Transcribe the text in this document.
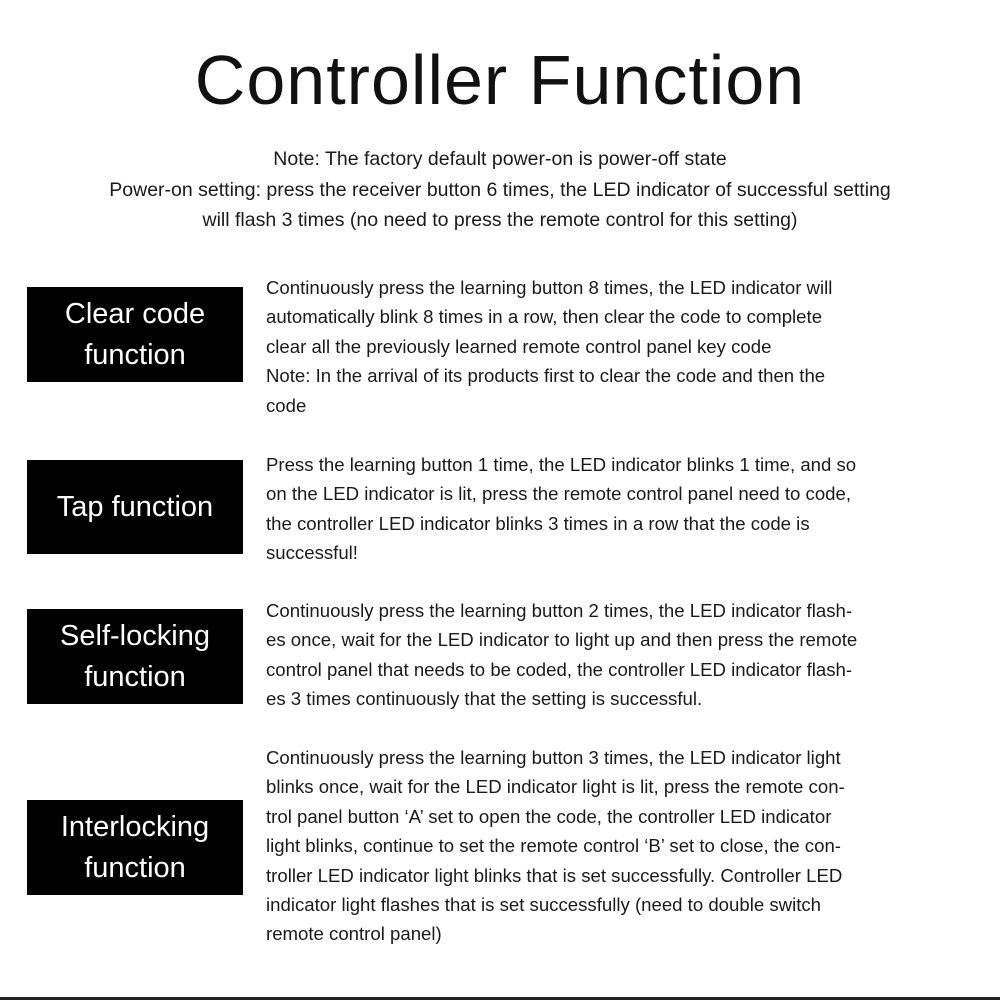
Controller Function
Note: The factory default power-on is power-off state
Power-on setting: press the receiver button 6 times, the LED indicator of successful setting
will flash 3 times (no need to press the remote control for this setting)
Clear code
function
Continuously press the learning button 8 times, the LED indicator will
automatically blink 8 times in a row, then clear the code to complete
clear all the previously learned remote control panel key code
Note: In the arrival of its products first to clear the code and then the
code
Tap function
Press the learning button 1 time, the LED indicator blinks 1 time, and so
on the LED indicator is lit, press the remote control panel need to code,
the controller LED indicator blinks 3 times in a row that the code is
successful!
Self-locking
function
Continuously press the learning button 2 times, the LED indicator flash-
es once, wait for the LED indicator to light up and then press the remote
control panel that needs to be coded, the controller LED indicator flash-
es 3 times continuously that the setting is successful.
Interlocking
function
Continuously press the learning button 3 times, the LED indicator light
blinks once, wait for the LED indicator light is lit, press the remote con-
trol panel button ‘A’ set to open the code, the controller LED indicator
light blinks, continue to set the remote control ‘B’ set to close, the con-
troller LED indicator light blinks that is set successfully. Controller LED
indicator light flashes that is set successfully (need to double switch
remote control panel)
